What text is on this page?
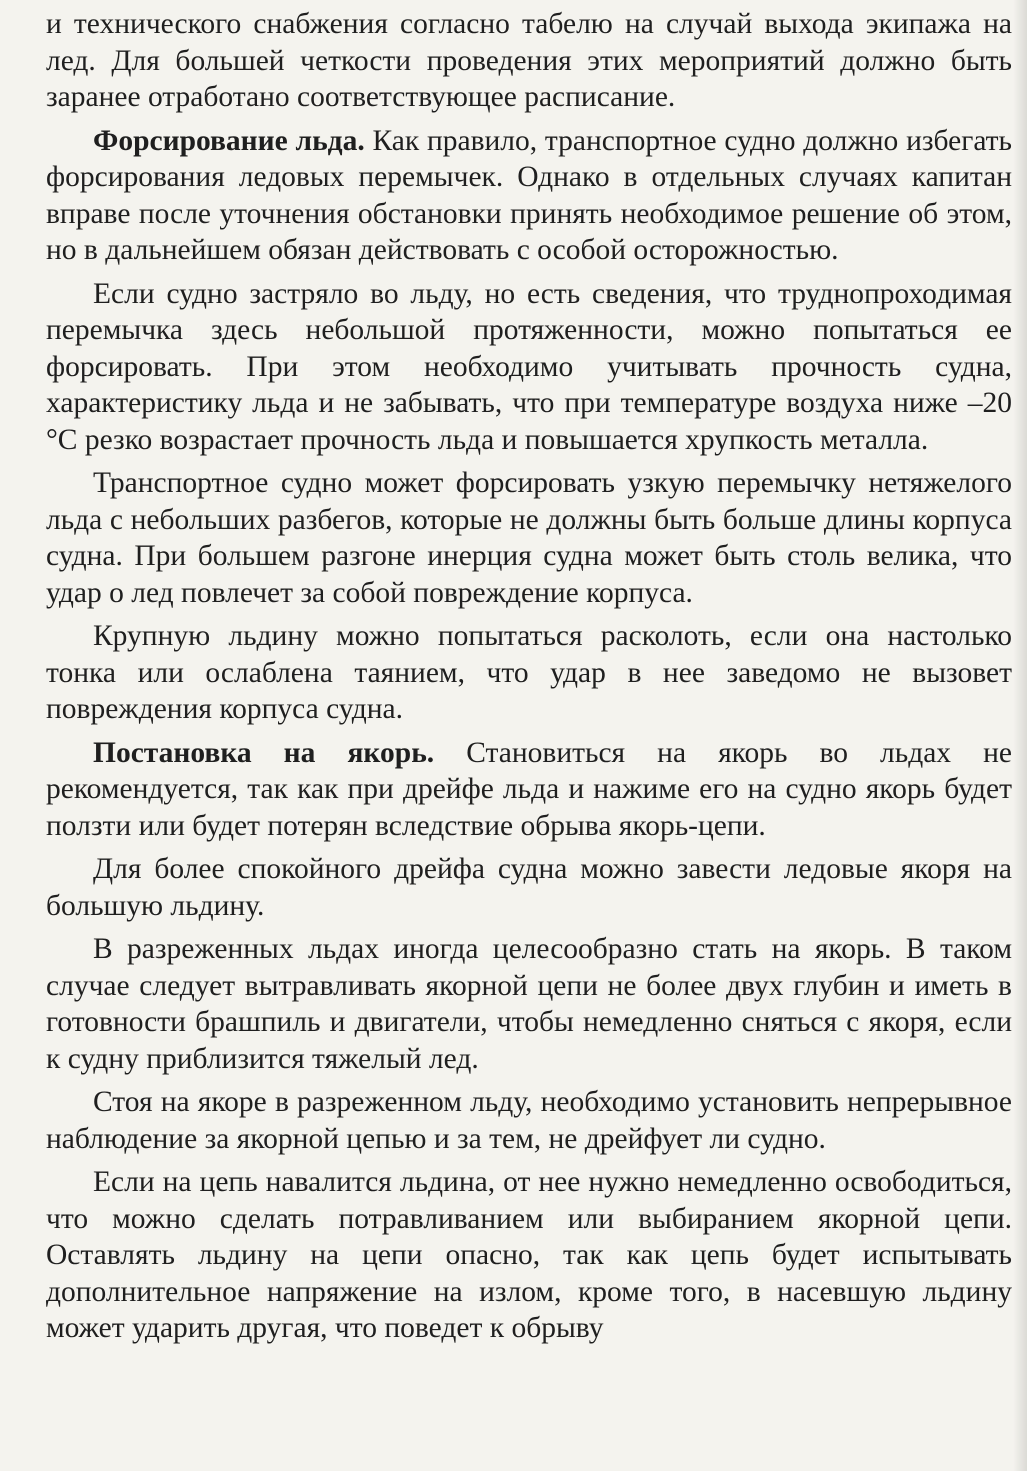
и технического снабжения согласно табелю на случай выхода экипажа на лед. Для большей четкости проведения этих мероприятий должно быть заранее отработано соответствующее расписание.

Форсирование льда. Как правило, транспортное судно должно избегать форсирования ледовых перемычек. Однако в отдельных случаях капитан вправе после уточнения обстановки принять необходимое решение об этом, но в дальнейшем обязан действовать с особой осторожностью.

Если судно застряло во льду, но есть сведения, что труднопроходимая перемычка здесь небольшой протяженности, можно попытаться ее форсировать. При этом необходимо учитывать прочность судна, характеристику льда и не забывать, что при температуре воздуха ниже –20 °С резко возрастает прочность льда и повышается хрупкость металла.

Транспортное судно может форсировать узкую перемычку нетяжелого льда с небольших разбегов, которые не должны быть больше длины корпуса судна. При большем разгоне инерция судна может быть столь велика, что удар о лед повлечет за собой повреждение корпуса.

Крупную льдину можно попытаться расколоть, если она настолько тонка или ослаблена таянием, что удар в нее заведомо не вызовет повреждения корпуса судна.

Постановка на якорь. Становиться на якорь во льдах не рекомендуется, так как при дрейфе льда и нажиме его на судно якорь будет ползти или будет потерян вследствие обрыва якорь-цепи.

Для более спокойного дрейфа судна можно завести ледовые якоря на большую льдину.

В разреженных льдах иногда целесообразно стать на якорь. В таком случае следует вытравливать якорной цепи не более двух глубин и иметь в готовности брашпиль и двигатели, чтобы немедленно сняться с якоря, если к судну приблизится тяжелый лед.

Стоя на якоре в разреженном льду, необходимо установить непрерывное наблюдение за якорной цепью и за тем, не дрейфует ли судно.

Если на цепь навалится льдина, от нее нужно немедленно освободиться, что можно сделать потравливанием или выбиранием якорной цепи. Оставлять льдину на цепи опасно, так как цепь будет испытывать дополнительное напряжение на излом, кроме того, в насевшую льдину может ударить другая, что поведет к обрыву
